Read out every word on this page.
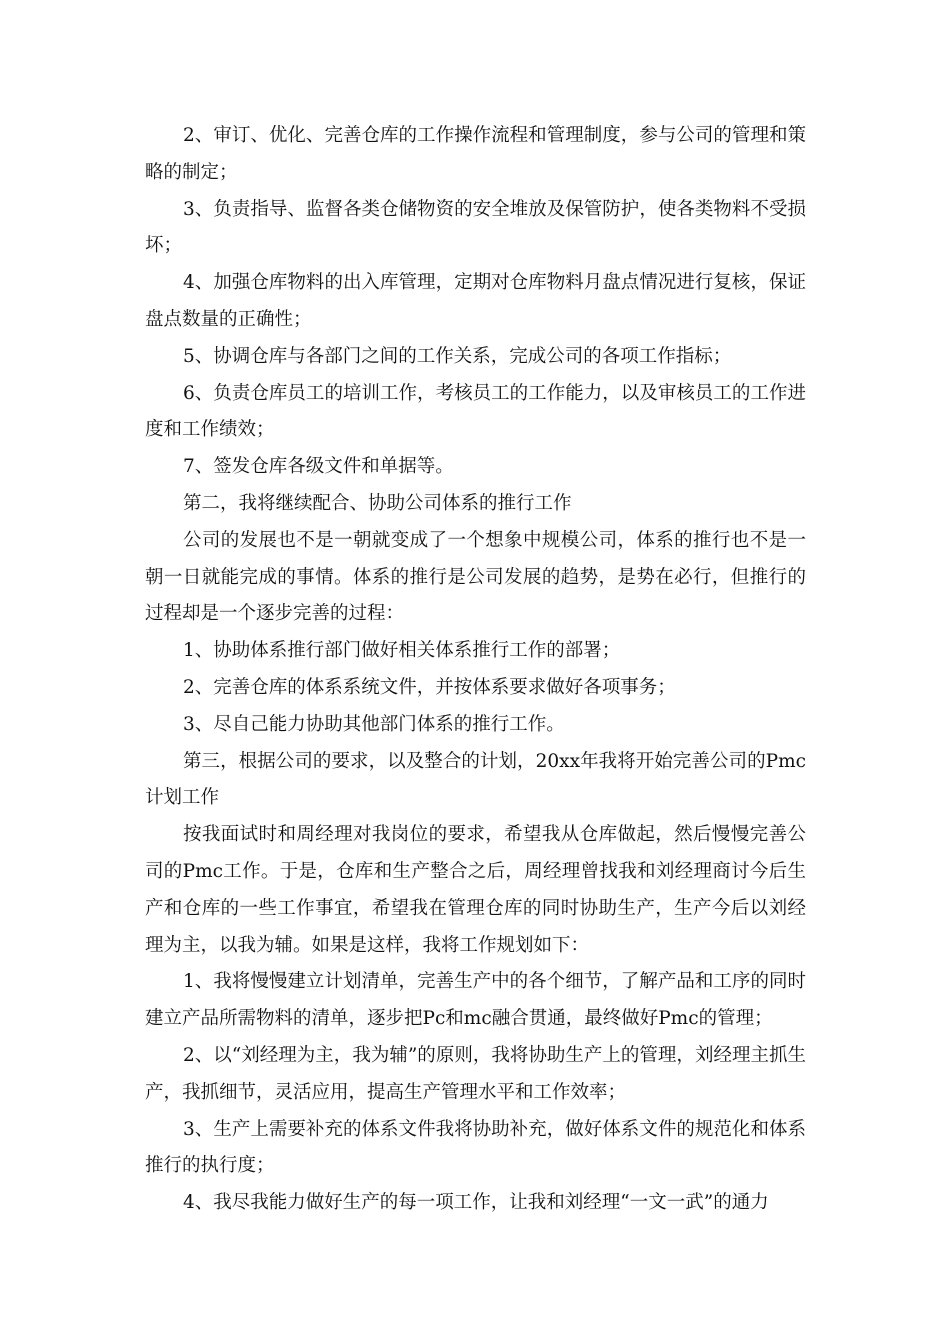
2、审订、优化、完善仓库的工作操作流程和管理制度，参与公司的管理和策略的制定；

3、负责指导、监督各类仓储物资的安全堆放及保管防护，使各类物料不受损坏；

4、加强仓库物料的出入库管理，定期对仓库物料月盘点情况进行复核，保证盘点数量的正确性；

5、协调仓库与各部门之间的工作关系，完成公司的各项工作指标；

6、负责仓库员工的培训工作，考核员工的工作能力，以及审核员工的工作进度和工作绩效；

7、签发仓库各级文件和单据等。

第二，我将继续配合、协助公司体系的推行工作

公司的发展也不是一朝就变成了一个想象中规模公司，体系的推行也不是一朝一日就能完成的事情。体系的推行是公司发展的趋势，是势在必行，但推行的过程却是一个逐步完善的过程：

1、协助体系推行部门做好相关体系推行工作的部署；

2、完善仓库的体系系统文件，并按体系要求做好各项事务；

3、尽自己能力协助其他部门体系的推行工作。

第三，根据公司的要求，以及整合的计划，20xx年我将开始完善公司的Pmc计划工作

按我面试时和周经理对我岗位的要求，希望我从仓库做起，然后慢慢完善公司的Pmc工作。于是，仓库和生产整合之后，周经理曾找我和刘经理商讨今后生产和仓库的一些工作事宜，希望我在管理仓库的同时协助生产，生产今后以刘经理为主，以我为辅。如果是这样，我将工作规划如下：

1、我将慢慢建立计划清单，完善生产中的各个细节，了解产品和工序的同时建立产品所需物料的清单，逐步把Pc和mc融合贯通，最终做好Pmc的管理；

2、以“刘经理为主，我为辅”的原则，我将协助生产上的管理，刘经理主抓生产，我抓细节，灵活应用，提高生产管理水平和工作效率；

3、生产上需要补充的体系文件我将协助补充，做好体系文件的规范化和体系推行的执行度；

4、我尽我能力做好生产的每一项工作，让我和刘经理“一文一武”的通力
